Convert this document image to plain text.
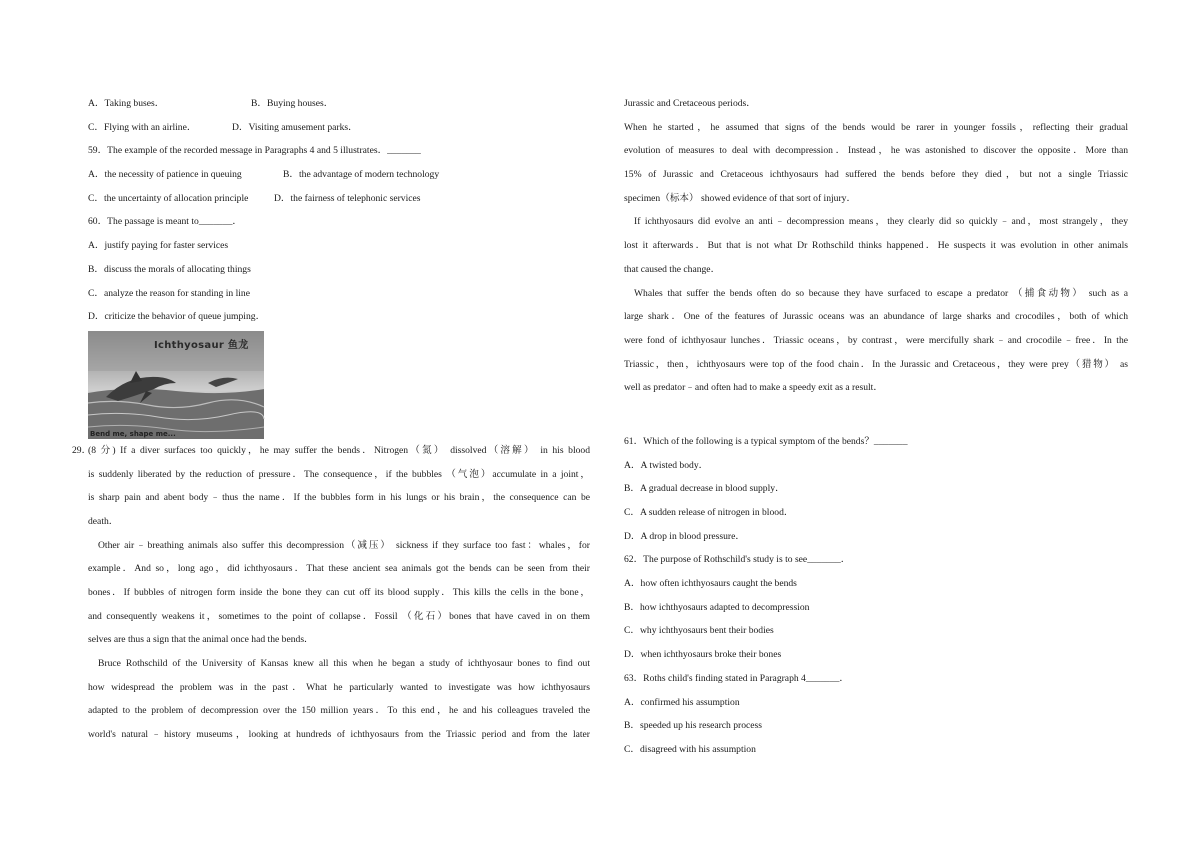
A．Taking buses．	B．Buying houses．
C．Flying with an airline．	D．Visiting amusement parks．
59．The example of the recorded message in Paragraphs 4 and 5 illustrates．_______
A．the necessity of patience in queuing	B．the advantage of modern technology
C．the uncertainty of allocation principle	D．the fairness of telephonic services
60．The passage is meant to_______．
A．justify paying for faster services
B．discuss the morals of allocating things
C．analyze the reason for standing in line
D．criticize the behavior of queue jumping．
Ichthyosaur 鱼龙
Bend me, shape me...
29．
(8 分) If a diver surfaces too quickly，he may suffer the bends．Nitrogen（氮） dissolved（溶解） in his blood
is suddenly liberated by the reduction of pressure．The consequence，if the bubbles （气泡）accumulate in a joint，
is sharp pain and abent body﹣thus the name．If the bubbles form in his lungs or his brain，the consequence can be
death．
Other air﹣breathing animals also suffer this decompression（减压） sickness if they surface too fast：whales，for
example．And so，long ago，did ichthyosaurs．That these ancient sea animals got the bends can be seen from their
bones．If bubbles of nitrogen form inside the bone they can cut off its blood supply．This kills the cells in the bone，
and consequently weakens it，sometimes to the point of collapse．Fossil （化石）bones that have caved in on them
selves are thus a sign that the animal once had the bends．
Bruce Rothschild of the University of Kansas knew all this when he began a study of ichthyosaur bones to find out
how widespread the problem was in the past．What he particularly wanted to investigate was how ichthyosaurs
adapted to the problem of decompression over the 150 million years．To this end，he and his colleagues traveled the
world's natural﹣history museums，looking at hundreds of ichthyosaurs from the Triassic period and from the later
Jurassic and Cretaceous periods．
When he started，he assumed that signs of the bends would be rarer in younger fossils，reflecting their gradual
evolution of measures to deal with decompression．Instead，he was astonished to discover the opposite．More than
15% of Jurassic and Cretaceous ichthyosaurs had suffered the bends before they died，but not a single Triassic
specimen（标本） showed evidence of that sort of injury．
If ichthyosaurs did evolve an anti﹣decompression means，they clearly did so quickly﹣and，most strangely，they
lost it afterwards．But that is not what Dr Rothschild thinks happened．He suspects it was evolution in other animals
that caused the change．
Whales that suffer the bends often do so because they have surfaced to escape a predator （捕食动物） such as a
large shark．One of the features of Jurassic oceans was an abundance of large sharks and crocodiles，both of which
were fond of ichthyosaur lunches．Triassic oceans，by contrast，were mercifully shark﹣and crocodile﹣free．In the
Triassic，then，ichthyosaurs were top of the food chain．In the Jurassic and Cretaceous，they were prey（猎物） as
well as predator﹣and often had to make a speedy exit as a result．
61．Which of the following is a typical symptom of the bends？_______
A．A twisted body．
B．A gradual decrease in blood supply．
C．A sudden release of nitrogen in blood．
D．A drop in blood pressure．
62．The purpose of Rothschild's study is to see_______．
A．how often ichthyosaurs caught the bends
B．how ichthyosaurs adapted to decompression
C．why ichthyosaurs bent their bodies
D．when ichthyosaurs broke their bones
63．Roths child's finding stated in Paragraph 4_______．
A．confirmed his assumption
B．speeded up his research process
C．disagreed with his assumption
